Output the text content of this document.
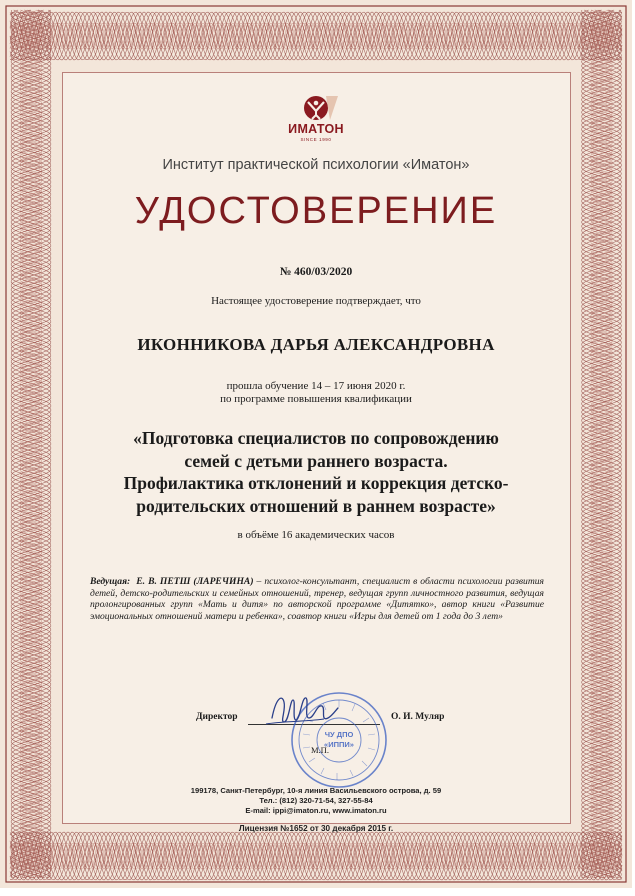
ИМАТОН
SINCE 1990
Институт практической психологии «Иматон»
УДОСТОВЕРЕНИЕ
№ 460/03/2020
Настоящее удостоверение подтверждает, что
ИКОННИКОВА ДАРЬЯ АЛЕКСАНДРОВНА
прошла обучение 14 – 17 июня 2020 г.
по программе повышения квалификации
«Подготовка специалистов по сопровождению
семей с детьми раннего возраста.
Профилактика отклонений и коррекция детско-
родительских отношений в раннем возрасте»
в объёме 16 академических часов
Ведущая: Е. В. ПЕТШ (ЛАРЕЧИНА) – психолог-консультант, специалист в области психологии развития детей, детско-родительских и семейных отношений, тренер, ведущая групп личностного развития, ведущая пролонгированных групп «Мать и дитя» по авторской программе «Дитятко», автор книги «Развитие эмоциональных отношений матери и ребенка», соавтор книги «Игры для детей от 1 года до 3 лет»
Директор	О. И. Муляр
ЧУ ДПО
«ИППИ»
М.П.
199178, Санкт-Петербург, 10-я линия Васильевского острова, д. 59
Тел.: (812) 320-71-54, 327-55-84
E-mail: ippi@imaton.ru, www.imaton.ru
Лицензия №1652 от 30 декабря 2015 г.
